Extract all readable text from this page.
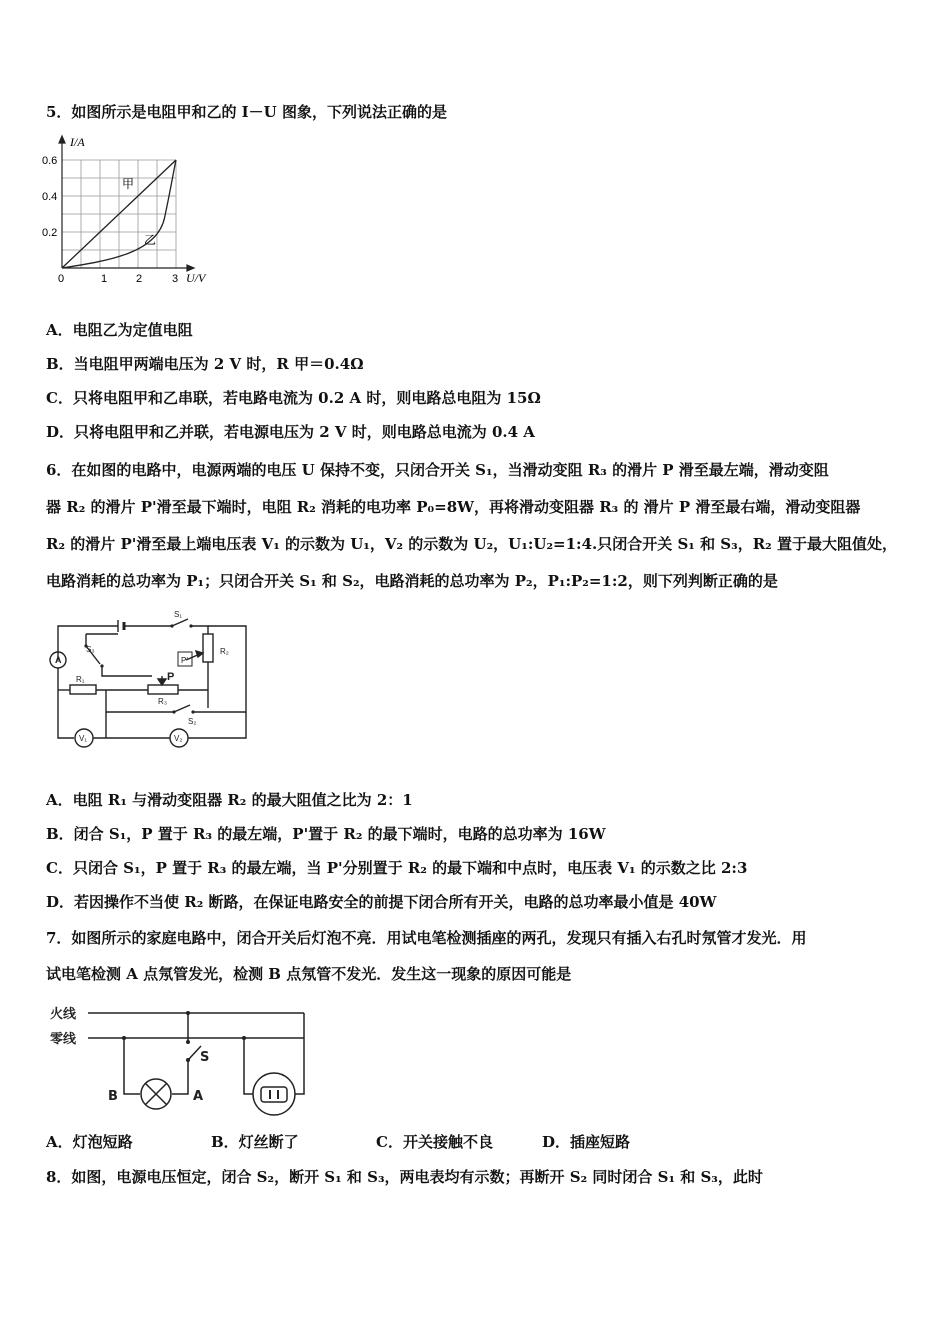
5．如图所示是电阻甲和乙的 I－U 图象，下列说法正确的是
I/A
U/V
0.6
0.4
0.2
0	1	2	3
甲
乙
A．电阻乙为定值电阻
B．当电阻甲两端电压为 2 V 时，R 甲＝0.4Ω
C．只将电阻甲和乙串联，若电路电流为 0.2 A 时，则电路总电阻为 15Ω
D．只将电阻甲和乙并联，若电源电压为 2 V 时，则电路总电流为 0.4 A
6．在如图的电路中，电源两端的电压 U 保持不变，只闭合开关 S₁，当滑动变阻 R₃ 的滑片 P 滑至最左端，滑动变阻
器 R₂ 的滑片 P'滑至最下端时，电阻 R₂ 消耗的电功率 P₀=8W，再将滑动变阻器 R₃ 的 滑片 P 滑至最右端，滑动变阻器
R₂ 的滑片 P'滑至最上端电压表 V₁ 的示数为 U₁，V₂ 的示数为 U₂，U₁:U₂=1:4.只闭合开关 S₁ 和 S₃，R₂ 置于最大阻值处，
电路消耗的总功率为 P₁；只闭合开关 S₁ 和 S₂，电路消耗的总功率为 P₂，P₁:P₂=1:2，则下列判断正确的是
S₁
S₃	R₂
P'
R₁	P
R₃
S₂
A
V₁	V₂
A．电阻 R₁ 与滑动变阻器 R₂ 的最大阻值之比为 2：1
B．闭合 S₁，P 置于 R₃ 的最左端，P'置于 R₂ 的最下端时，电路的总功率为 16W
C．只闭合 S₁，P 置于 R₃ 的最左端，当 P'分别置于 R₂ 的最下端和中点时，电压表 V₁ 的示数之比 2:3
D．若因操作不当使 R₂ 断路，在保证电路安全的前提下闭合所有开关，电路的总功率最小值是 40W
7．如图所示的家庭电路中，闭合开关后灯泡不亮．用试电笔检测插座的两孔，发现只有插入右孔时氖管才发光．用
试电笔检测 A 点氖管发光，检测 B 点氖管不发光．发生这一现象的原因可能是
火线
零线
S
B	A
A．灯泡短路	B．灯丝断了	C．开关接触不良	D．插座短路
8．如图，电源电压恒定，闭合 S₂，断开 S₁ 和 S₃，两电表均有示数；再断开 S₂ 同时闭合 S₁ 和 S₃，此时
